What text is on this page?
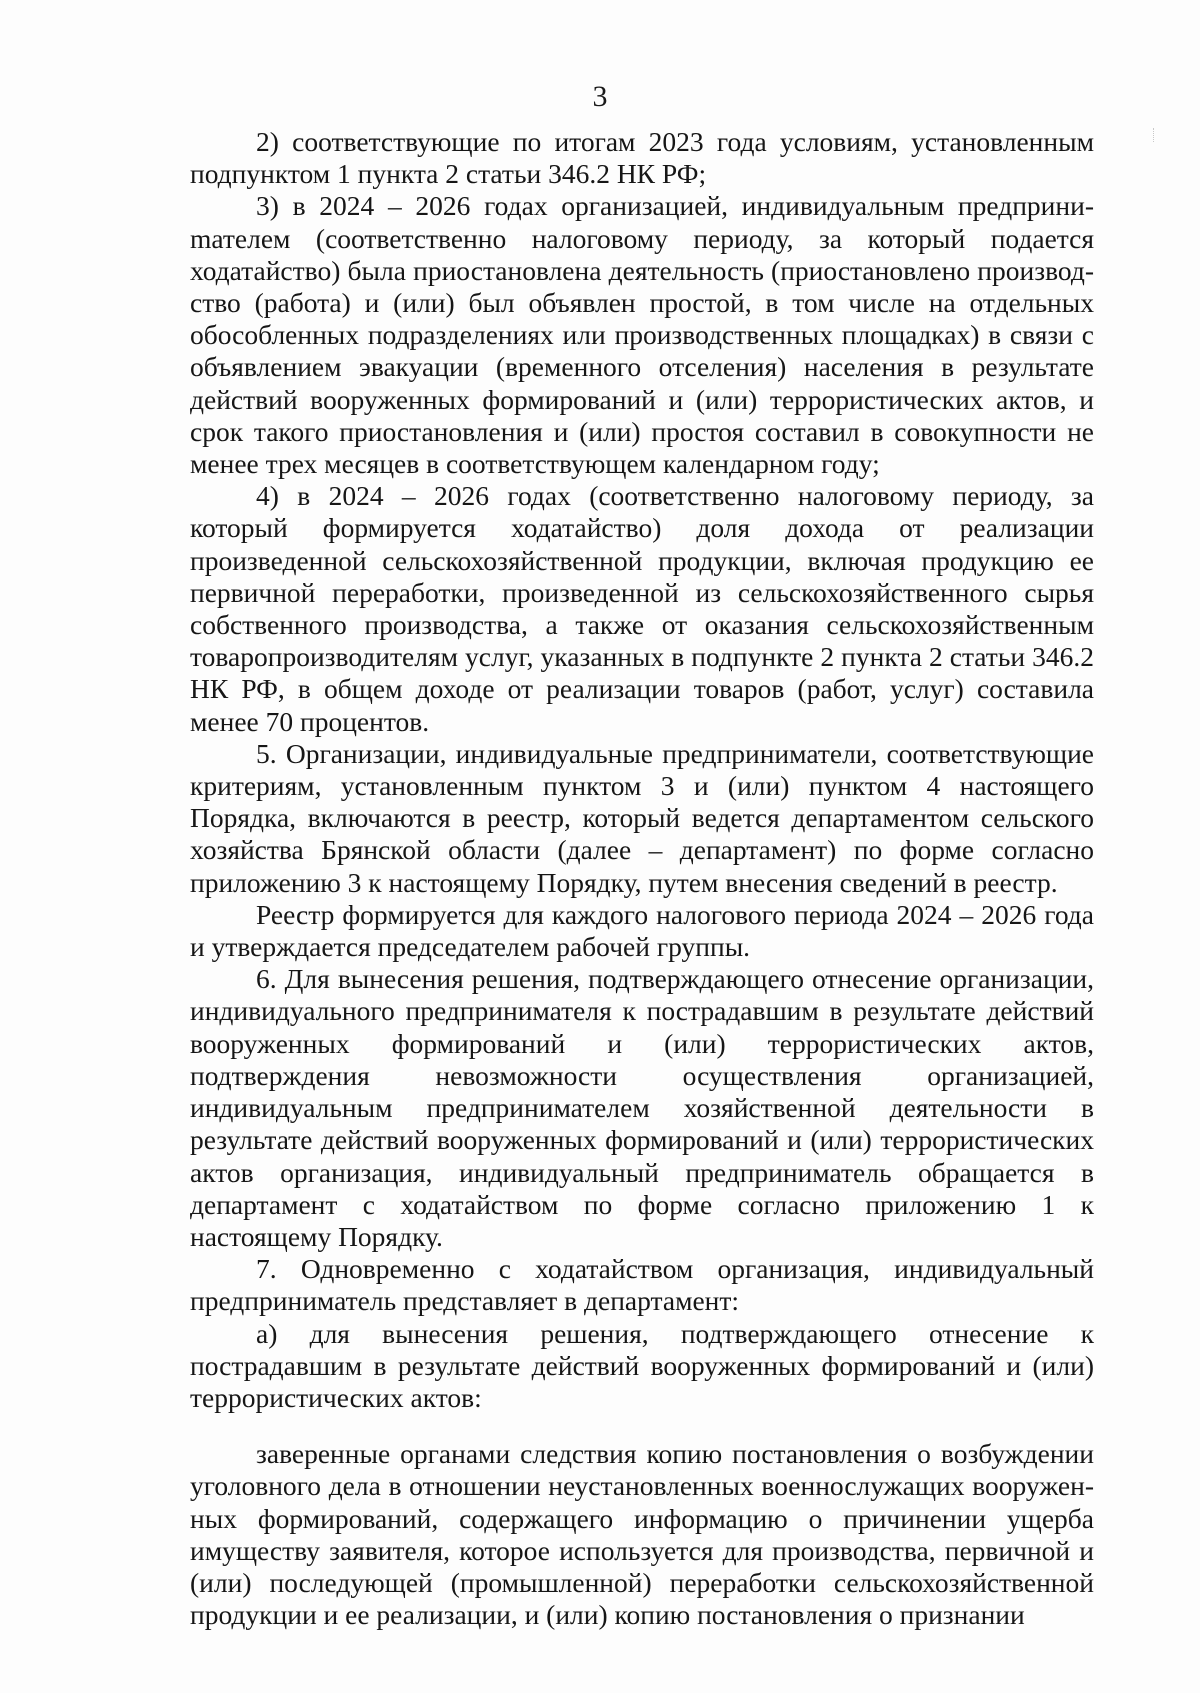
3

2) соответствующие по итогам 2023 года условиям, установленным подпунктом 1 пункта 2 статьи 346.2 НК РФ;

3) в 2024 – 2026 годах организацией, индивидуальным предприниmателем (соответственно налоговому периоду, за который подается ходатайство) была приостановлена деятельность (приостановлено производство (работа) и (или) был объявлен простой, в том числе на отдельных обособленных подразделениях или производственных площадках) в связи с объявлением эвакуации (временного отселения) населения в результате действий вооруженных формирований и (или) террористических актов, и срок такого приостановления и (или) простоя составил в совокупности не менее трех месяцев в соответствующем календарном году;

4) в 2024 – 2026 годах (соответственно налоговому периоду, за который формируется ходатайство) доля дохода от реализации произведенной сельскохозяйственной продукции, включая продукцию ее первичной переработки, произведенной из сельскохозяйственного сырья собственного производства, а также от оказания сельскохозяйственным товаропроизводителям услуг, указанных в подпункте 2 пункта 2 статьи 346.2 НК РФ, в общем доходе от реализации товаров (работ, услуг) составила менее 70 процентов.

5. Организации, индивидуальные предприниматели, соответствующие критериям, установленным пунктом 3 и (или) пунктом 4 настоящего Порядка, включаются в реестр, который ведется департаментом сельского хозяйства Брянской области (далее – департамент) по форме согласно приложению 3 к настоящему Порядку, путем внесения сведений в реестр.

Реестр формируется для каждого налогового периода 2024 – 2026 года и утверждается председателем рабочей группы.

6. Для вынесения решения, подтверждающего отнесение организации, индивидуального предпринимателя к пострадавшим в результате действий вооруженных формирований и (или) террористических актов, подтверждения невозможности осуществления организацией, индивидуальным предпринимателем хозяйственной деятельности в результате действий вооруженных формирований и (или) террористических актов организация, индивидуальный предприниматель обращается в департамент с ходатайством по форме согласно приложению 1 к настоящему Порядку.

7. Одновременно с ходатайством организация, индивидуальный предприниматель представляет в департамент:

а) для вынесения решения, подтверждающего отнесение к пострадавшим в результате действий вооруженных формирований и (или) террористических актов:

заверенные органами следствия копию постановления о возбуждении уголовного дела в отношении неустановленных военнослужащих вооруженных формирований, содержащего информацию о причинении ущерба имуществу заявителя, которое используется для производства, первичной и (или) последующей (промышленной) переработки сельскохозяйственной продукции и ее реализации, и (или) копию постановления о признании
